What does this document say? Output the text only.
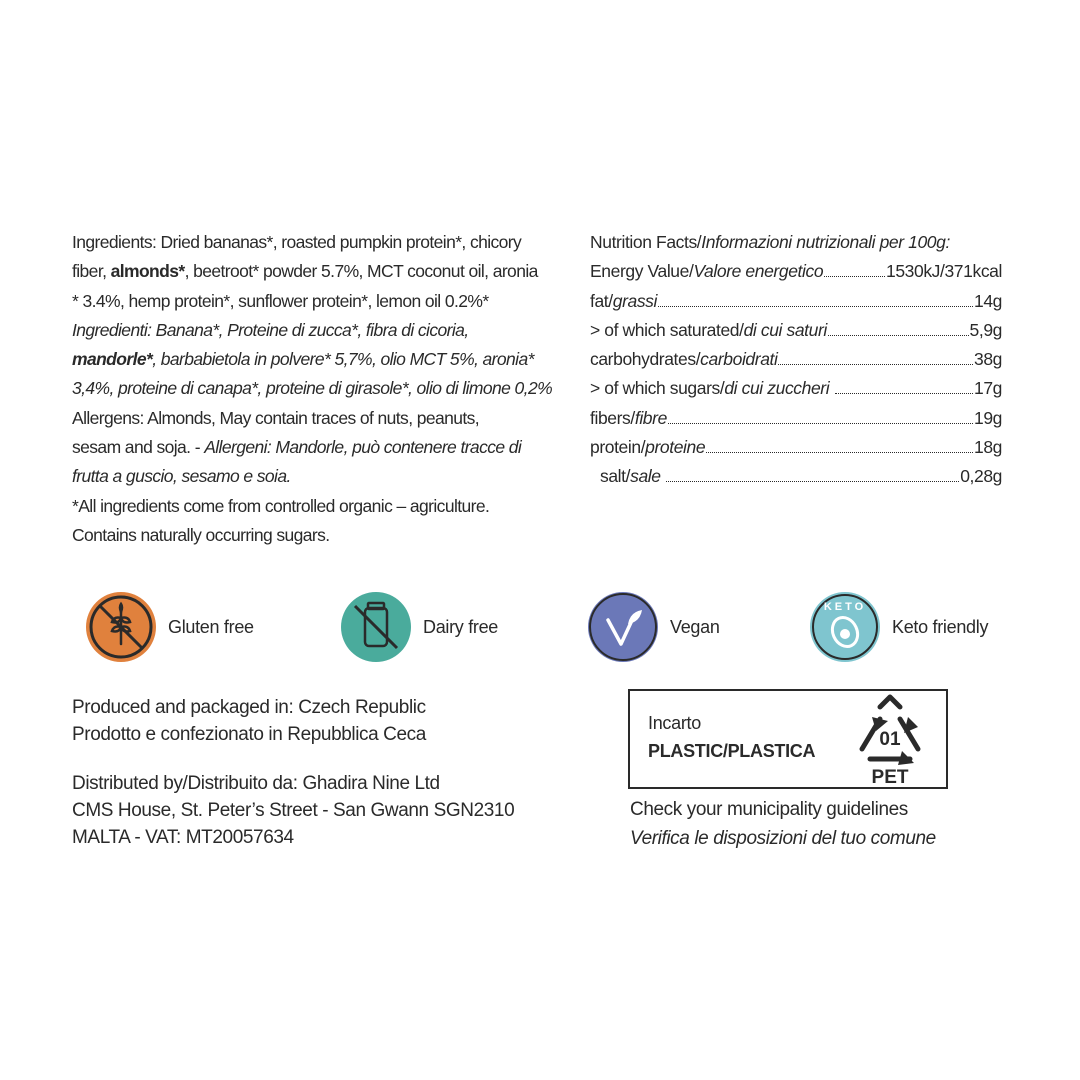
Ingredients: Dried bananas*, roasted pumpkin protein*, chicory

fiber, almonds*, beetroot* powder 5.7%, MCT coconut oil, aronia

* 3.4%, hemp protein*, sunflower protein*, lemon oil 0.2%*

Ingredienti: Banana*, Proteine di zucca*, fibra di cicoria,

mandorle*, barbabietola in polvere* 5,7%, olio MCT 5%, aronia*

3,4%, proteine di canapa*, proteine di girasole*, olio di limone 0,2%

Allergens: Almonds, May contain traces of nuts, peanuts,

sesam and soja. - Allergeni: Mandorle, può contenere tracce di

frutta a guscio, sesamo e soia.

*All ingredients come from controlled organic – agriculture.

Contains naturally occurring sugars.

Nutrition Facts/ Informazioni nutrizionali per 100g:
Energy Value/ Valore energetico	1530kJ/371kcal
fat/ grassi	14g
> of which saturated/ di cui saturi	5,9g
carbohydrates/ carboidrati	38g
> of which sugars/ di cui zuccheri	17g
fibers/ fibre	19g
protein/ proteine	18g
salt/ sale	0,28g
Gluten free	Dairy free	Vegan
KETO
Keto friendly
Produced and packaged in: Czech Republic
Prodotto e confezionato in Repubblica Ceca
Distributed by/Distribuito da: Ghadira Nine Ltd
CMS House, St. Peter’s Street - San Gwann SGN2310
MALTA - VAT: MT20057634
Incarto
PLASTIC/PLASTICA
01
PET
Check your municipality guidelines
Verifica le disposizioni del tuo comune
